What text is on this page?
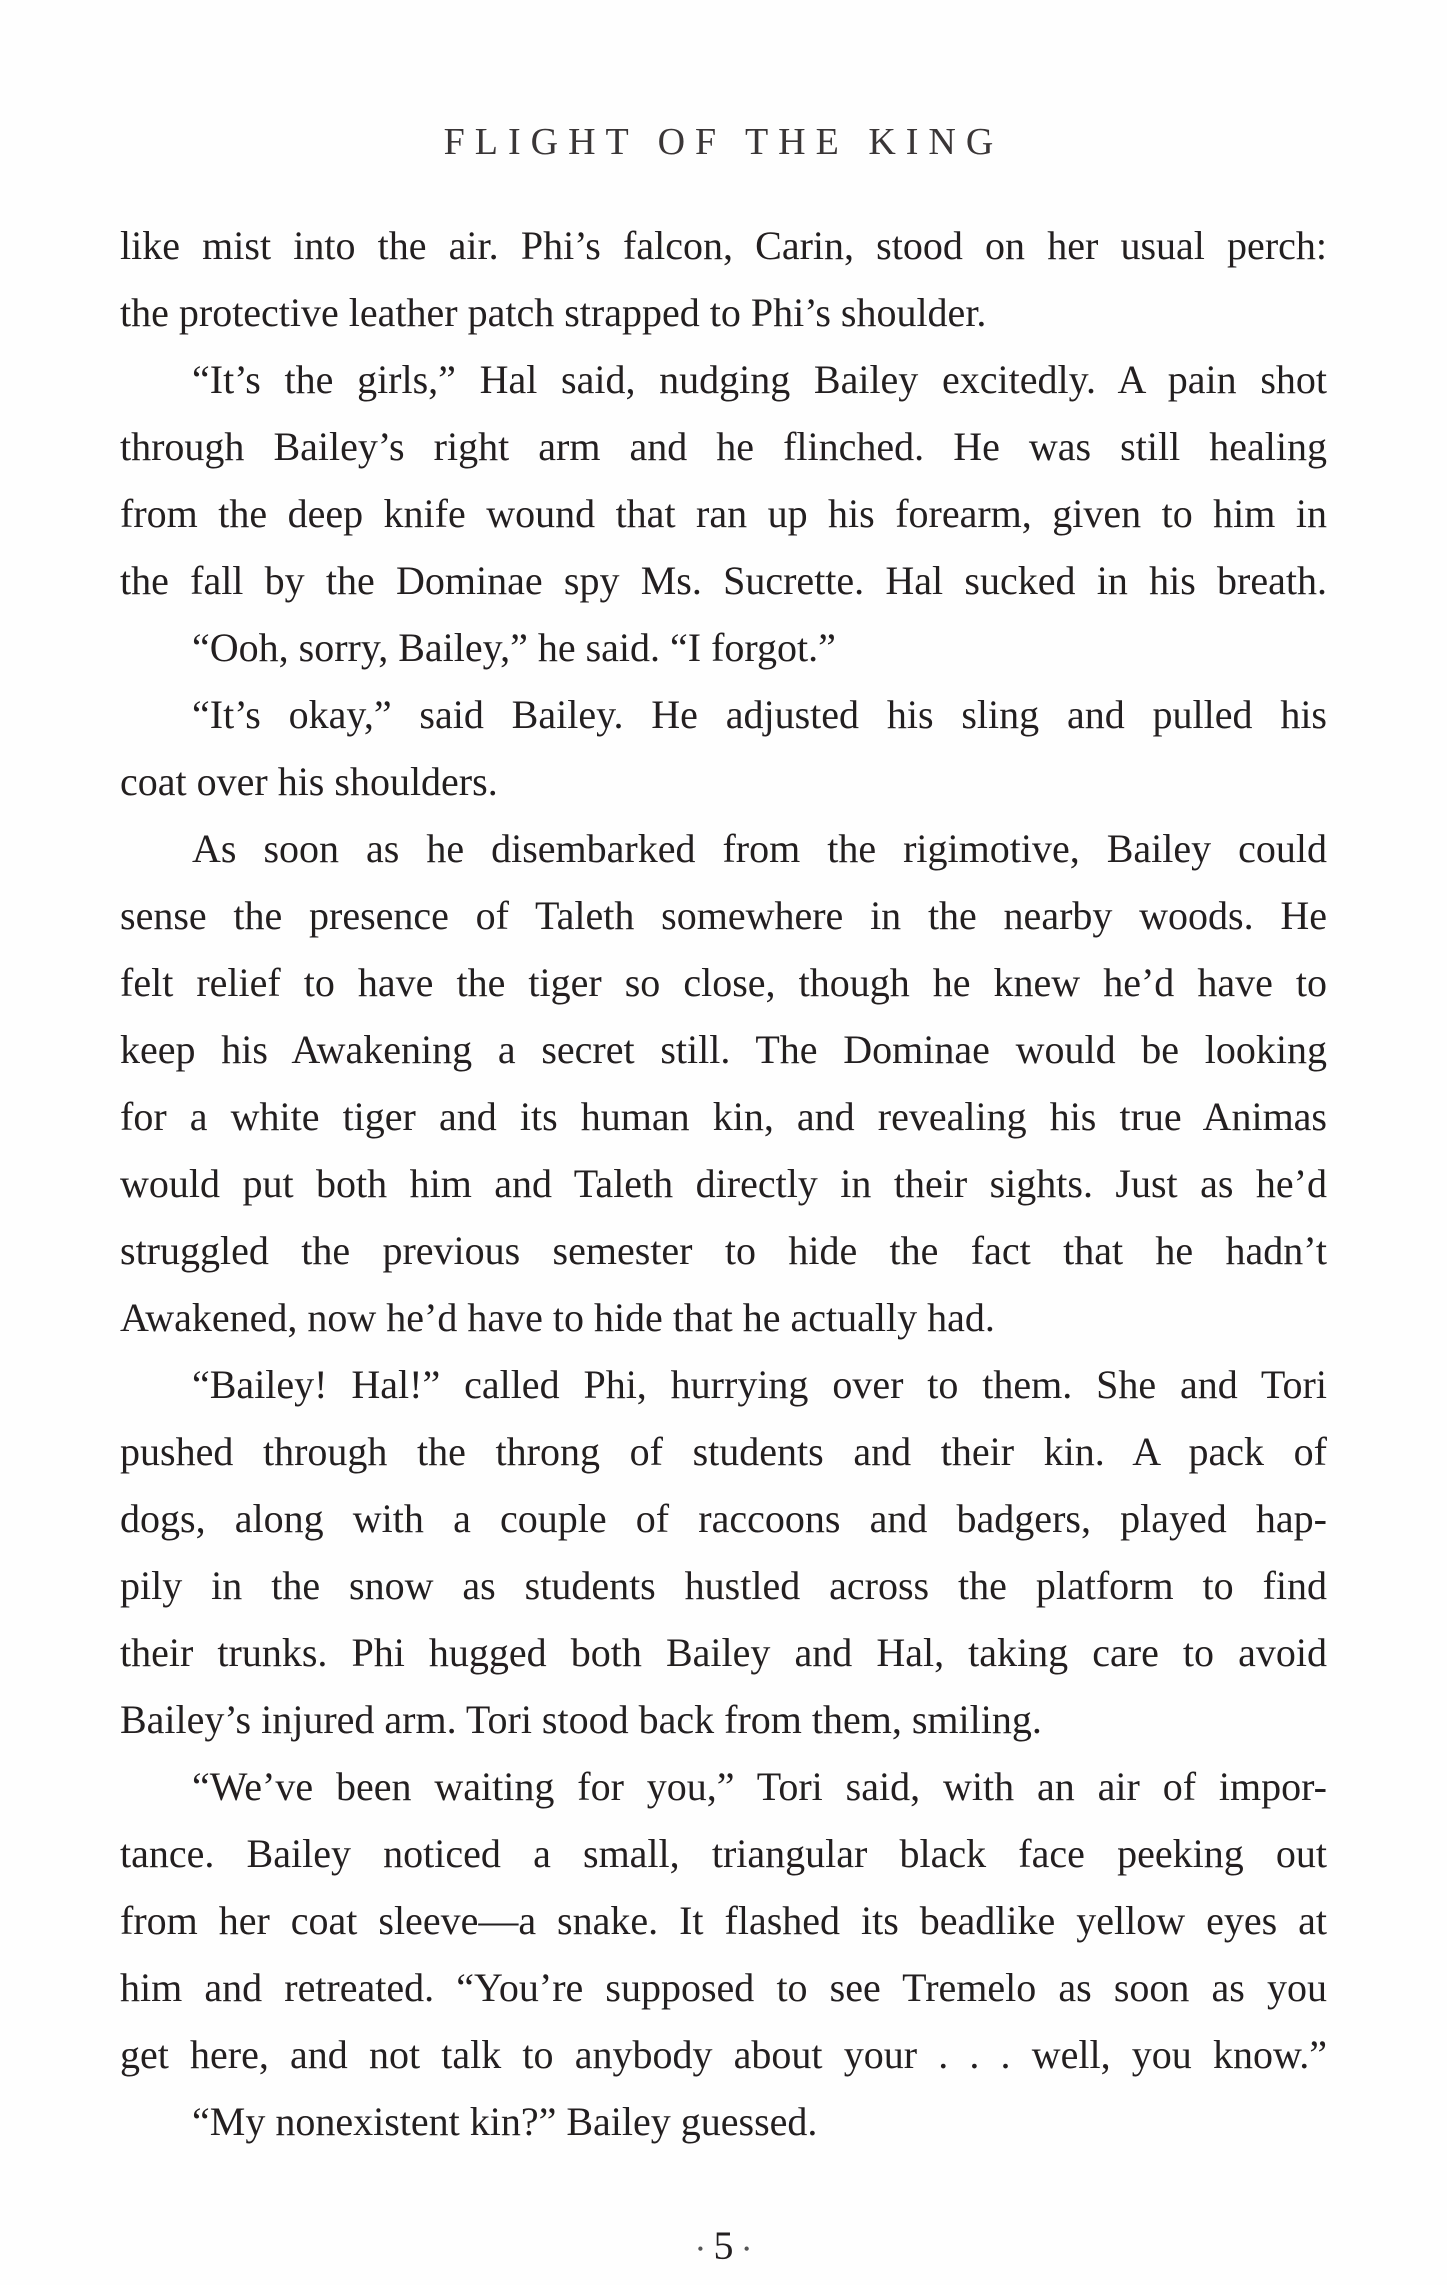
FLIGHT OF THE KING
like mist into the air. Phi’s falcon, Carin, stood on her usual perch:
the protective leather patch strapped to Phi’s shoulder.
“It’s the girls,” Hal said, nudging Bailey excitedly. A pain shot
through Bailey’s right arm and he flinched. He was still healing
from the deep knife wound that ran up his forearm, given to him in
the fall by the Dominae spy Ms. Sucrette. Hal sucked in his breath.
“Ooh, sorry, Bailey,” he said. “I forgot.”
“It’s okay,” said Bailey. He adjusted his sling and pulled his
coat over his shoulders.
As soon as he disembarked from the rigimotive, Bailey could
sense the presence of Taleth somewhere in the nearby woods. He
felt relief to have the tiger so close, though he knew he’d have to
keep his Awakening a secret still. The Dominae would be looking
for a white tiger and its human kin, and revealing his true Animas
would put both him and Taleth directly in their sights. Just as he’d
struggled the previous semester to hide the fact that he hadn’t
Awakened, now he’d have to hide that he actually had.
“Bailey! Hal!” called Phi, hurrying over to them. She and Tori
pushed through the throng of students and their kin. A pack of
dogs, along with a couple of raccoons and badgers, played hap-
pily in the snow as students hustled across the platform to find
their trunks. Phi hugged both Bailey and Hal, taking care to avoid
Bailey’s injured arm. Tori stood back from them, smiling.
“We’ve been waiting for you,” Tori said, with an air of impor-
tance. Bailey noticed a small, triangular black face peeking out
from her coat sleeve—a snake. It flashed its beadlike yellow eyes at
him and retreated. “You’re supposed to see Tremelo as soon as you
get here, and not talk to anybody about your . . . well, you know.”
“My nonexistent kin?” Bailey guessed.
• 5 •
